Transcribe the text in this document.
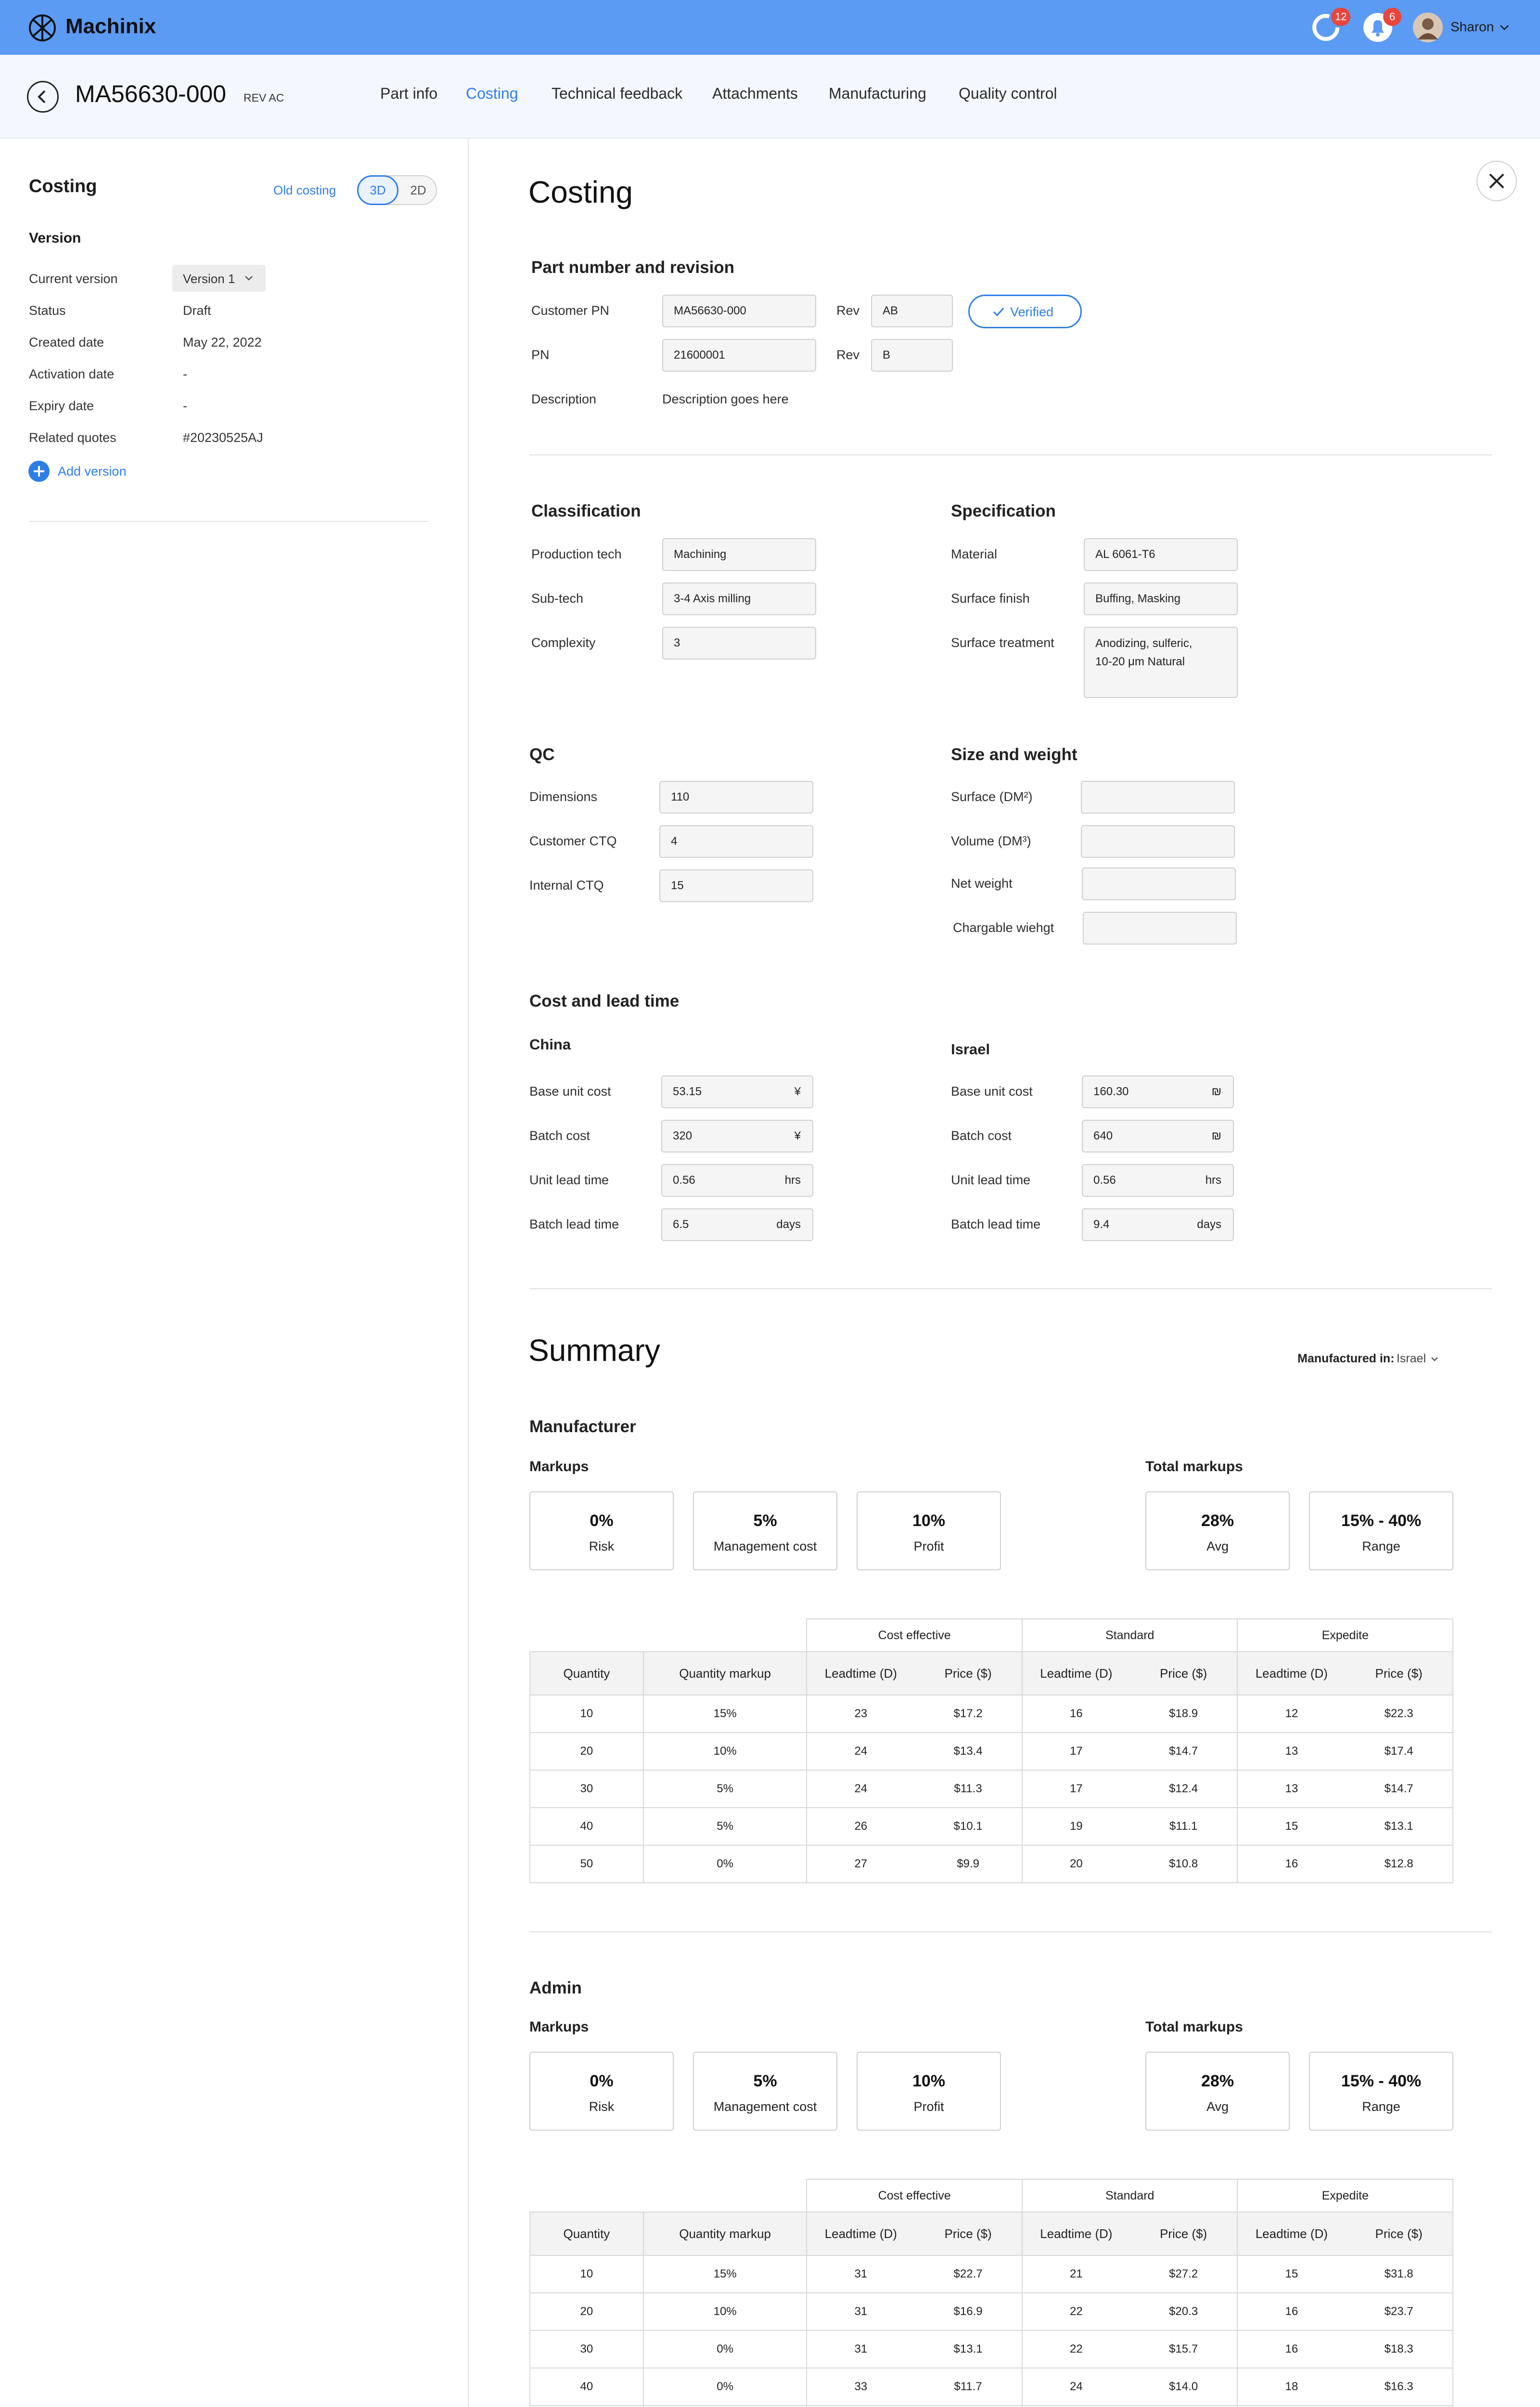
Machinix	12	6
Sharon
MA56630-000 REV AC	Part info Costing Technical feedback Attachments Manufacturing Quality control
Costing	Old costing	3D	2D
Version
Current version	Version 1
Status	Draft
Created date	May 22, 2022
Activation date	-
Expiry date	-
Related quotes	#20230525AJ
Add version
Costing
Part number and revision
Customer PN	MA56630-000	Rev	AB	Verified
PN	21600001	Rev	B
Description	Description goes here
Classification
Production tech	Machining
Sub-tech	3-4 Axis milling
Complexity	3
Specification
Material	AL 6061-T6
Surface finish	Buffing, Masking
Surface treatment	Anodizing, sulferic,
10-20 μm Natural
QC
Dimensions	110
Customer CTQ	4
Internal CTQ	15
Size and weight
Surface (DM²)
Volume (DM³)
Net weight
Chargable wiehgt
Cost and lead time
China
Base unit cost	53.15	¥
Batch cost	320	¥
Unit lead time	0.56	hrs
Batch lead time	6.5	days
Israel
Base unit cost	160.30	₪
Batch cost	640	₪
Unit lead time	0.56	hrs
Batch lead time	9.4	days
Summary	Manufactured in: Israel
Manufacturer
Markups	Total markups
0%
Risk
5%
Management cost
10%
Profit
28%
Avg
15% - 40%
Range
		Cost effective	Standard	Expedite
Quantity	Quantity markup	Leadtime (D) Price ($)	Leadtime (D) Price ($)	Leadtime (D) Price ($)
10	15%	23 $17.2	16 $18.9	12 $22.3
20	10%	24 $13.4	17 $14.7	13 $17.4
30	5%	24 $11.3	17 $12.4	13 $14.7
40	5%	26 $10.1	19 $11.1	15 $13.1
50	0%	27 $9.9	20 $10.8	16 $12.8
Admin
Markups	Total markups
0%
Risk
5%
Management cost
10%
Profit
28%
Avg
15% - 40%
Range
		Cost effective	Standard	Expedite
Quantity	Quantity markup	Leadtime (D) Price ($)	Leadtime (D) Price ($)	Leadtime (D) Price ($)
10	15%	31 $22.7	21 $27.2	15 $31.8
20	10%	31 $16.9	22 $20.3	16 $23.7
30	0%	31 $13.1	22 $15.7	16 $18.3
40	0%	33 $11.7	24 $14.0	18 $16.3
